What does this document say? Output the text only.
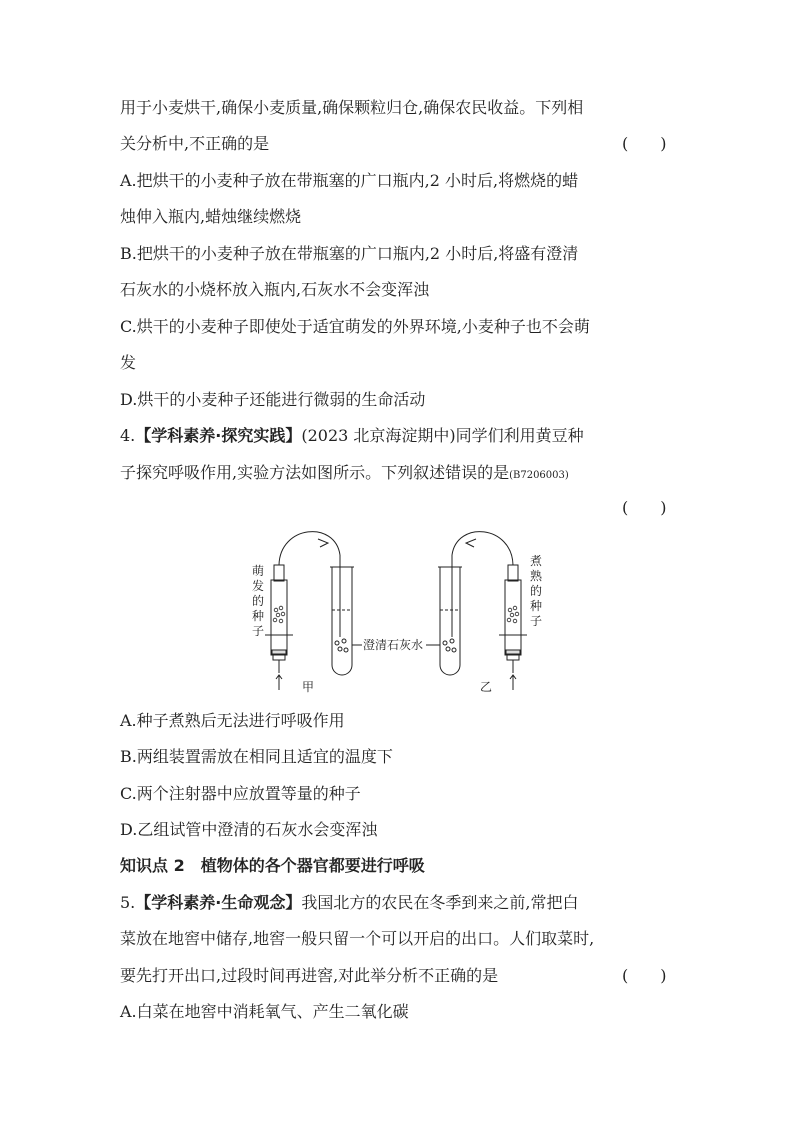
用于小麦烘干,确保小麦质量,确保颗粒归仓,确保农民收益。下列相
关分析中,不正确的是	(　　)
A.把烘干的小麦种子放在带瓶塞的广口瓶内,2 小时后,将燃烧的蜡
烛伸入瓶内,蜡烛继续燃烧
B.把烘干的小麦种子放在带瓶塞的广口瓶内,2 小时后,将盛有澄清
石灰水的小烧杯放入瓶内,石灰水不会变浑浊
C.烘干的小麦种子即使处于适宜萌发的外界环境,小麦种子也不会萌
发
D.烘干的小麦种子还能进行微弱的生命活动
4.【学科素养·探究实践】(2023 北京海淀期中)同学们利用黄豆种
子探究呼吸作用,实验方法如图所示。下列叙述错误的是(B7206003)
(　　)
萌
发
的
种
子
澄清石灰水
煮
熟
的
种
子
甲	乙
A.种子煮熟后无法进行呼吸作用
B.两组装置需放在相同且适宜的温度下
C.两个注射器中应放置等量的种子
D.乙组试管中澄清的石灰水会变浑浊
知识点 2　植物体的各个器官都要进行呼吸
5.【学科素养·生命观念】我国北方的农民在冬季到来之前,常把白
菜放在地窖中储存,地窖一般只留一个可以开启的出口。人们取菜时,
要先打开出口,过段时间再进窖,对此举分析不正确的是	(　　)
A.白菜在地窖中消耗氧气、产生二氧化碳
